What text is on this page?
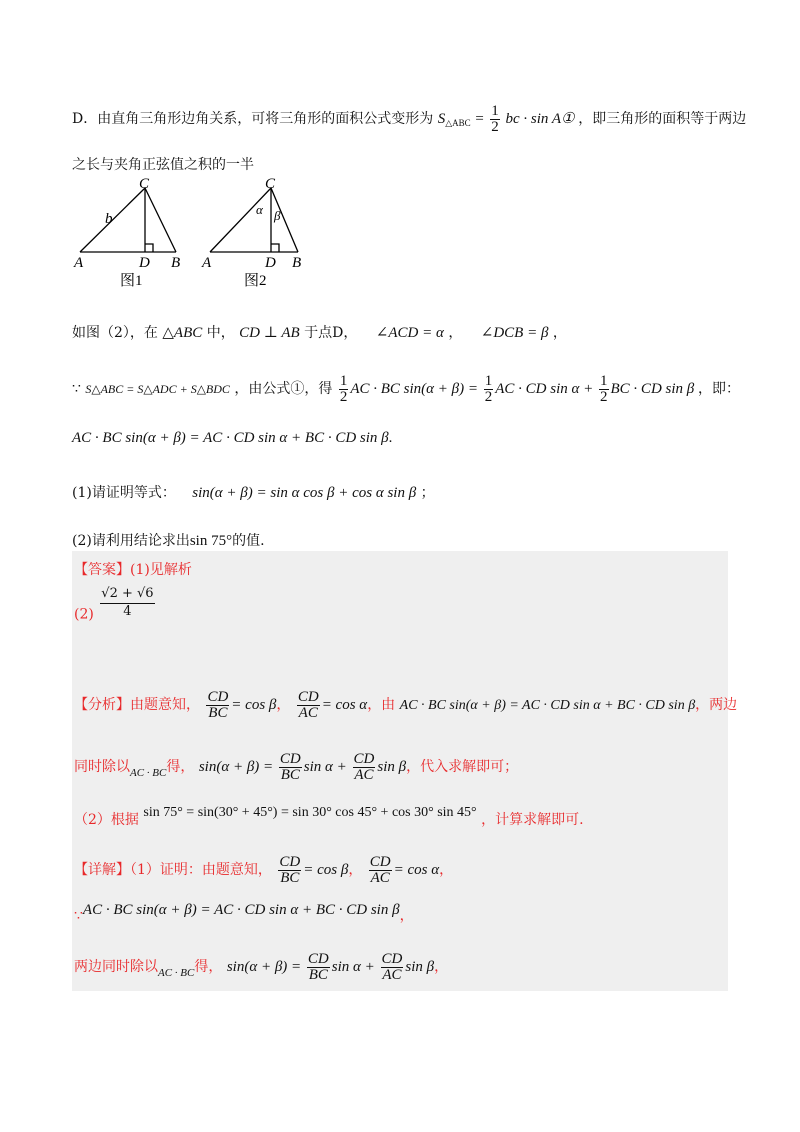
D．由直角三角形边角关系，可将三角形的面积公式变形为 $S_{\triangle ABC} = \frac{1}{2}$ bc · sin A① ，即三角形的面积等于两边
之长与夹角正弦值之积的一半
C
b
A	D B
C
α β
A	D B
图1	图2
如图（2），在 △ABC 中， CD ⊥ AB 于点D， ∠ACD = α ， ∠DCB = β ，
∵ S△ABC = S△ADC + S△BDC ，由公式①，得 $\frac{1}{2}$ AC · BC $\sin(\alpha + \beta) = \frac{1}{2}$ AC · CD $\sin \alpha + \frac{1}{2}$ BC · CD sin β ，即：
AC · BC sin(α + β) = AC · CD sin α + BC · CD sin β.
(1)请证明等式： sin(α + β) = sin α cos β + cos α sin β ；
(2)请利用结论求出sin 75°的值.
【答案】(1)见解析
$(2) \frac{√2 + √6}{4}$
【分析】由题意知， $\frac{CD}{BC} = \cos \beta$， $\frac{CD}{AC} = \cos \alpha$，由 AC · BC sin(α + β) = AC · CD sin α + BC · CD sin β，两边
同时除以$_{AC \cdot BC}$得， $\sin(\alpha + \beta) = \frac{CD}{BC}$ $\sin \alpha + \frac{CD}{AC}$ sin β，代入求解即可；
（2）根据 sin 75° = sin(30° + 45°) = sin 30° cos 45° + cos 30° sin 45° ，计算求解即可.
【详解】（1）证明：由题意知， $\frac{CD}{BC} = \cos \beta$， $\frac{CD}{AC} = \cos \alpha$，
∵AC · BC sin(α + β) = AC · CD sin α + BC · CD sin β，
两边同时除以$_{AC \cdot BC}$得， $\sin(\alpha + \beta) = \frac{CD}{BC}$ $\sin \alpha + \frac{CD}{AC}$ sin β，
